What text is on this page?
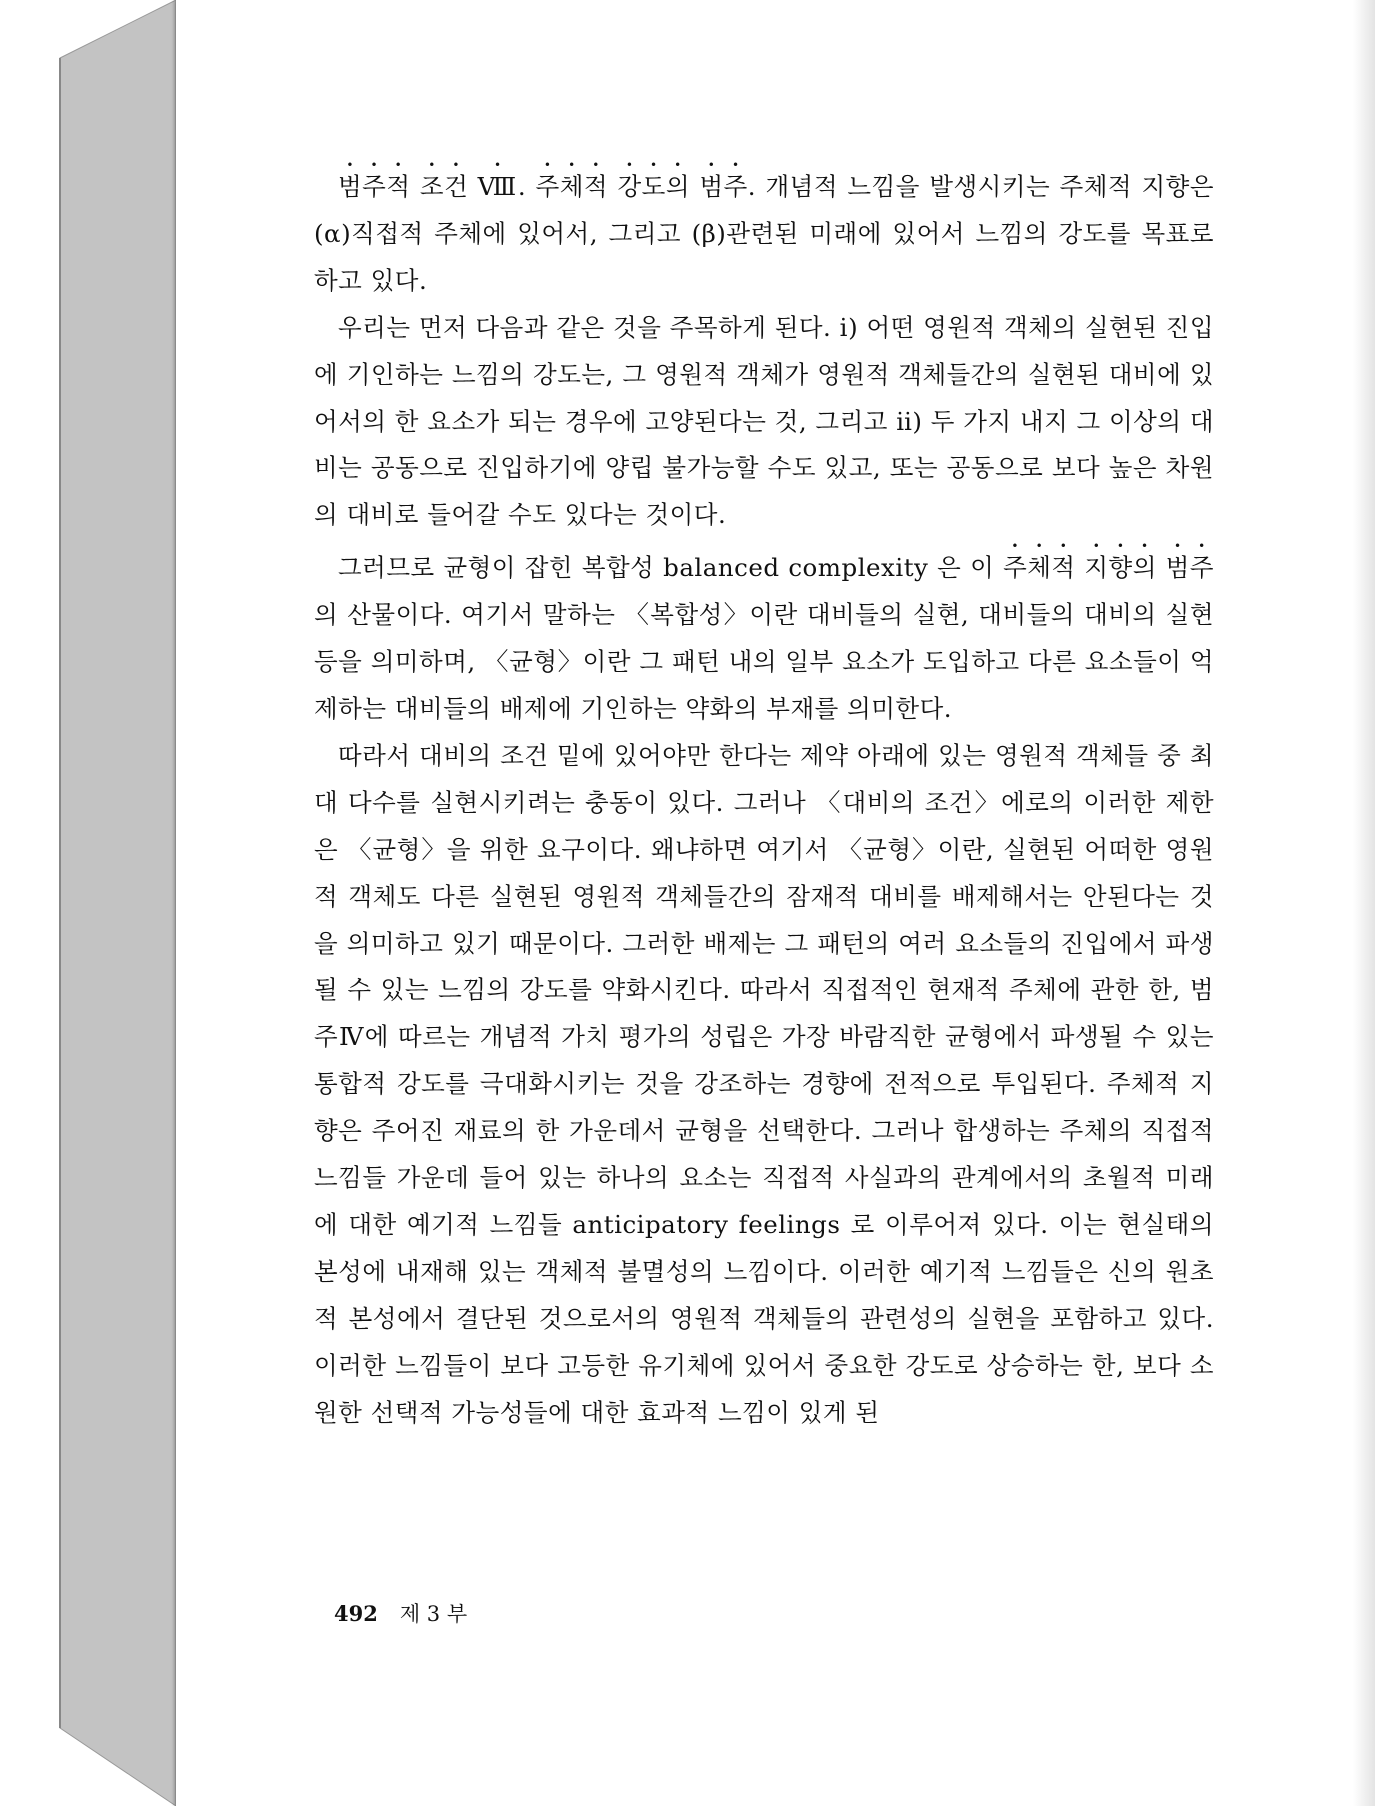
범주적 조건 Ⅷ. 주체적 강도의 범주. 개념적 느낌을 발생시키는 주체적 지향은 (α)직접적 주체에 있어서, 그리고 (β)관련된 미래에 있어서 느낌의 강도를 목표로 하고 있다.

우리는 먼저 다음과 같은 것을 주목하게 된다. ⅰ) 어떤 영원적 객체의 실현된 진입에 기인하는 느낌의 강도는, 그 영원적 객체가 영원적 객체들간의 실현된 대비에 있어서의 한 요소가 되는 경우에 고양된다는 것, 그리고 ⅱ) 두 가지 내지 그 이상의 대비는 공동으로 진입하기에 양립 불가능할 수도 있고, 또는 공동으로 보다 높은 차원의 대비로 들어갈 수도 있다는 것이다.

그러므로 균형이 잡힌 복합성 balanced complexity 은 이 주체적 지향의 범주의 산물이다. 여기서 말하는 〈복합성〉이란 대비들의 실현, 대비들의 대비의 실현 등을 의미하며, 〈균형〉이란 그 패턴 내의 일부 요소가 도입하고 다른 요소들이 억제하는 대비들의 배제에 기인하는 약화의 부재를 의미한다.

따라서 대비의 조건 밑에 있어야만 한다는 제약 아래에 있는 영원적 객체들 중 최대 다수를 실현시키려는 충동이 있다. 그러나 〈대비의 조건〉에로의 이러한 제한은 〈균형〉을 위한 요구이다. 왜냐하면 여기서 〈균형〉이란, 실현된 어떠한 영원적 객체도 다른 실현된 영원적 객체들간의 잠재적 대비를 배제해서는 안된다는 것을 의미하고 있기 때문이다. 그러한 배제는 그 패턴의 여러 요소들의 진입에서 파생될 수 있는 느낌의 강도를 약화시킨다. 따라서 직접적인 현재적 주체에 관한 한, 범주Ⅳ에 따르는 개념적 가치 평가의 성립은 가장 바람직한 균형에서 파생될 수 있는 통합적 강도를 극대화시키는 것을 강조하는 경향에 전적으로 투입된다. 주체적 지향은 주어진 재료의 한 가운데서 균형을 선택한다. 그러나 합생하는 주체의 직접적 느낌들 가운데 들어 있는 하나의 요소는 직접적 사실과의 관계에서의 초월적 미래에 대한 예기적 느낌들 anticipatory feelings 로 이루어져 있다. 이는 현실태의 본성에 내재해 있는 객체적 불멸성의 느낌이다. 이러한 예기적 느낌들은 신의 원초적 본성에서 결단된 것으로서의 영원적 객체들의 관련성의 실현을 포함하고 있다. 이러한 느낌들이 보다 고등한 유기체에 있어서 중요한 강도로 상승하는 한, 보다 소원한 선택적 가능성들에 대한 효과적 느낌이 있게 된

492 제 3 부
